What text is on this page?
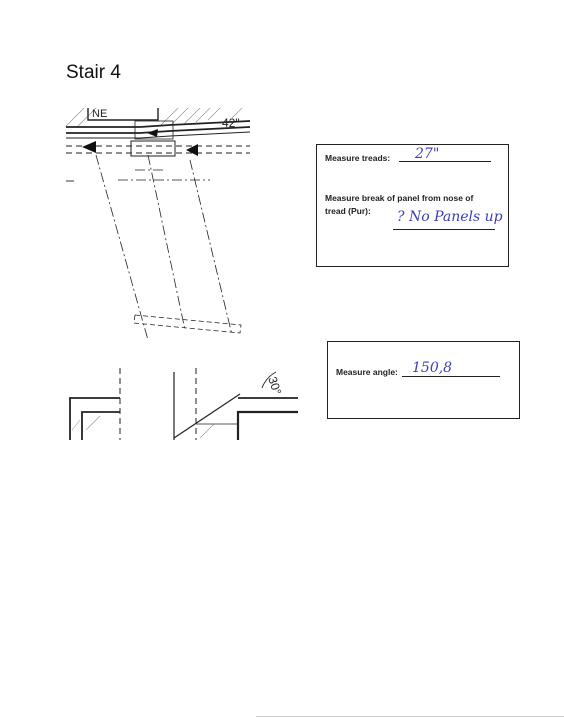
Stair 4
NE
42"
30°
Measure treads: 27"
Measure break of panel from nose of
tread (Pur): ? No Panels up
Measure angle: 150,8
